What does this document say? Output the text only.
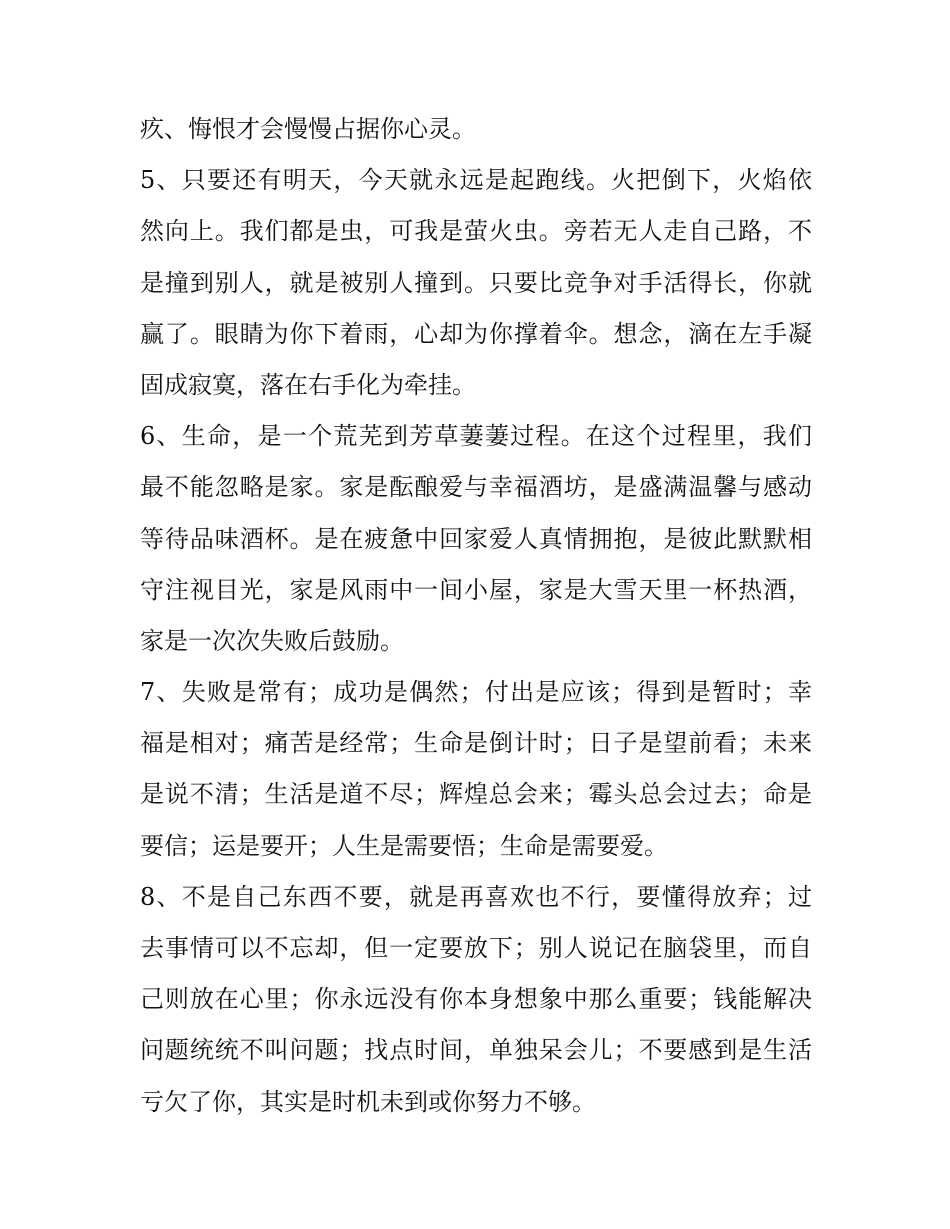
疚、悔恨才会慢慢占据你心灵。
5、只要还有明天，今天就永远是起跑线。火把倒下，火焰依
然向上。我们都是虫，可我是萤火虫。旁若无人走自己路，不
是撞到别人，就是被别人撞到。只要比竞争对手活得长，你就
赢了。眼睛为你下着雨，心却为你撑着伞。想念，滴在左手凝
固成寂寞，落在右手化为牵挂。
6、生命，是一个荒芜到芳草萋萋过程。在这个过程里，我们
最不能忽略是家。家是酝酿爱与幸福酒坊，是盛满温馨与感动
等待品味酒杯。是在疲惫中回家爱人真情拥抱，是彼此默默相
守注视目光，家是风雨中一间小屋，家是大雪天里一杯热酒，
家是一次次失败后鼓励。
7、失败是常有；成功是偶然；付出是应该；得到是暂时；幸
福是相对；痛苦是经常；生命是倒计时；日子是望前看；未来
是说不清；生活是道不尽；辉煌总会来；霉头总会过去；命是
要信；运是要开；人生是需要悟；生命是需要爱。
8、不是自己东西不要，就是再喜欢也不行，要懂得放弃；过
去事情可以不忘却，但一定要放下；别人说记在脑袋里，而自
己则放在心里；你永远没有你本身想象中那么重要；钱能解决
问题统统不叫问题；找点时间，单独呆会儿；不要感到是生活
亏欠了你，其实是时机未到或你努力不够。
